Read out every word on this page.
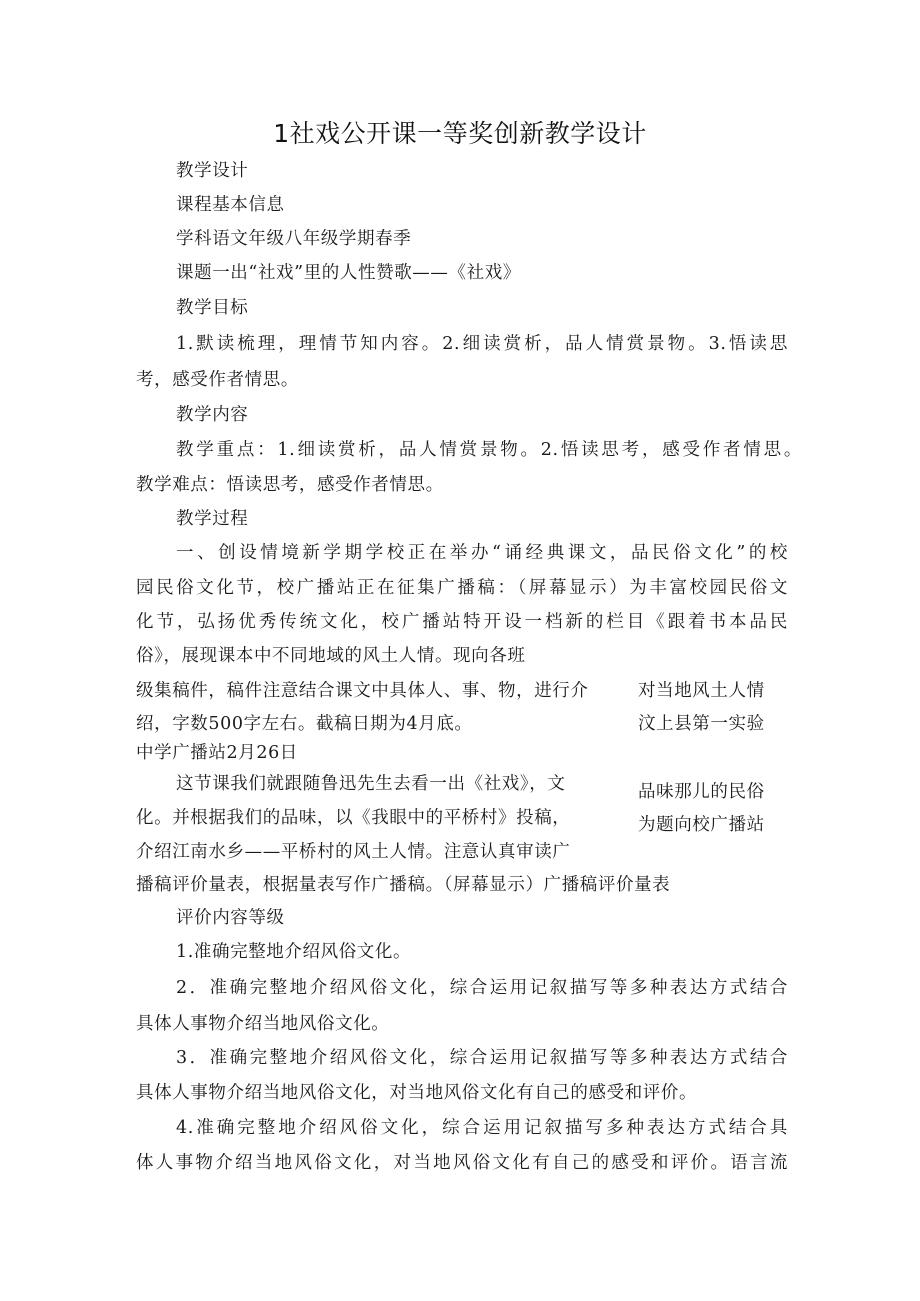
1社戏公开课一等奖创新教学设计
教学设计
课程基本信息
学科语文年级八年级学期春季
课题一出“社戏”里的人性赞歌——《社戏》
教学目标
1.默读梳理，理情节知内容。2.细读赏析，品人情赏景物。3.悟读思
考，感受作者情思。
教学内容
教学重点：1.细读赏析，品人情赏景物。2.悟读思考，感受作者情思。
教学难点：悟读思考，感受作者情思。
教学过程
一、创设情境新学期学校正在举办“诵经典课文，品民俗文化”的校
园民俗文化节，校广播站正在征集广播稿：（屏幕显示）为丰富校园民俗文
化节，弘扬优秀传统文化，校广播站特开设一档新的栏目《跟着书本品民
俗》，展现课本中不同地域的风土人情。现向各班
级集稿件，稿件注意结合课文中具体人、事、物，进行介	对当地风土人情
绍，字数500字左右。截稿日期为4月底。	汶上县第一实验
中学广播站2月26日
这节课我们就跟随鲁迅先生去看一出《社戏》，文	品味那儿的民俗
化。并根据我们的品味，以《我眼中的平桥村》投稿，	为题向校广播站
介绍江南水乡——平桥村的风土人情。注意认真审读广
播稿评价量表，根据量表写作广播稿。（屏幕显示）广播稿评价量表
评价内容等级
1.准确完整地介绍风俗文化。
2．准确完整地介绍风俗文化，综合运用记叙描写等多种表达方式结合
具体人事物介绍当地风俗文化。
3．准确完整地介绍风俗文化，综合运用记叙描写等多种表达方式结合
具体人事物介绍当地风俗文化，对当地风俗文化有自己的感受和评价。
4.准确完整地介绍风俗文化，综合运用记叙描写多种表达方式结合具
体人事物介绍当地风俗文化，对当地风俗文化有自己的感受和评价。语言流
